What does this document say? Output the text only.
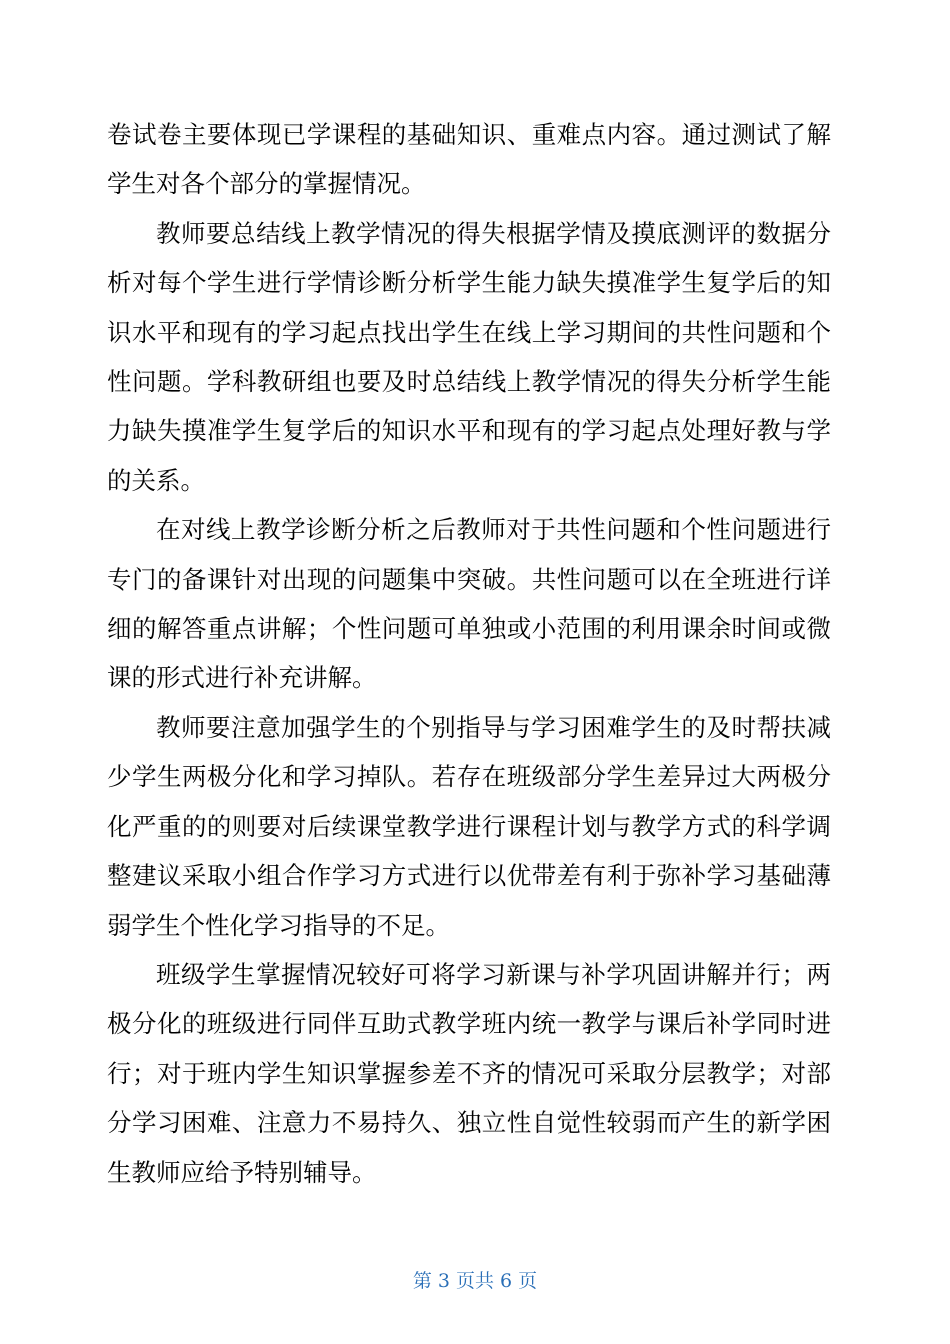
卷试卷主要体现已学课程的基础知识、重难点内容。通过测试了解学生对各个部分的掌握情况。

教师要总结线上教学情况的得失根据学情及摸底测评的数据分析对每个学生进行学情诊断分析学生能力缺失摸准学生复学后的知识水平和现有的学习起点找出学生在线上学习期间的共性问题和个性问题。学科教研组也要及时总结线上教学情况的得失分析学生能力缺失摸准学生复学后的知识水平和现有的学习起点处理好教与学的关系。

在对线上教学诊断分析之后教师对于共性问题和个性问题进行专门的备课针对出现的问题集中突破。共性问题可以在全班进行详细的解答重点讲解；个性问题可单独或小范围的利用课余时间或微课的形式进行补充讲解。

教师要注意加强学生的个别指导与学习困难学生的及时帮扶减少学生两极分化和学习掉队。若存在班级部分学生差异过大两极分化严重的的则要对后续课堂教学进行课程计划与教学方式的科学调整建议采取小组合作学习方式进行以优带差有利于弥补学习基础薄弱学生个性化学习指导的不足。

班级学生掌握情况较好可将学习新课与补学巩固讲解并行；两极分化的班级进行同伴互助式教学班内统一教学与课后补学同时进行；对于班内学生知识掌握参差不齐的情况可采取分层教学；对部分学习困难、注意力不易持久、独立性自觉性较弱而产生的新学困生教师应给予特别辅导。

第 3 页共 6 页
